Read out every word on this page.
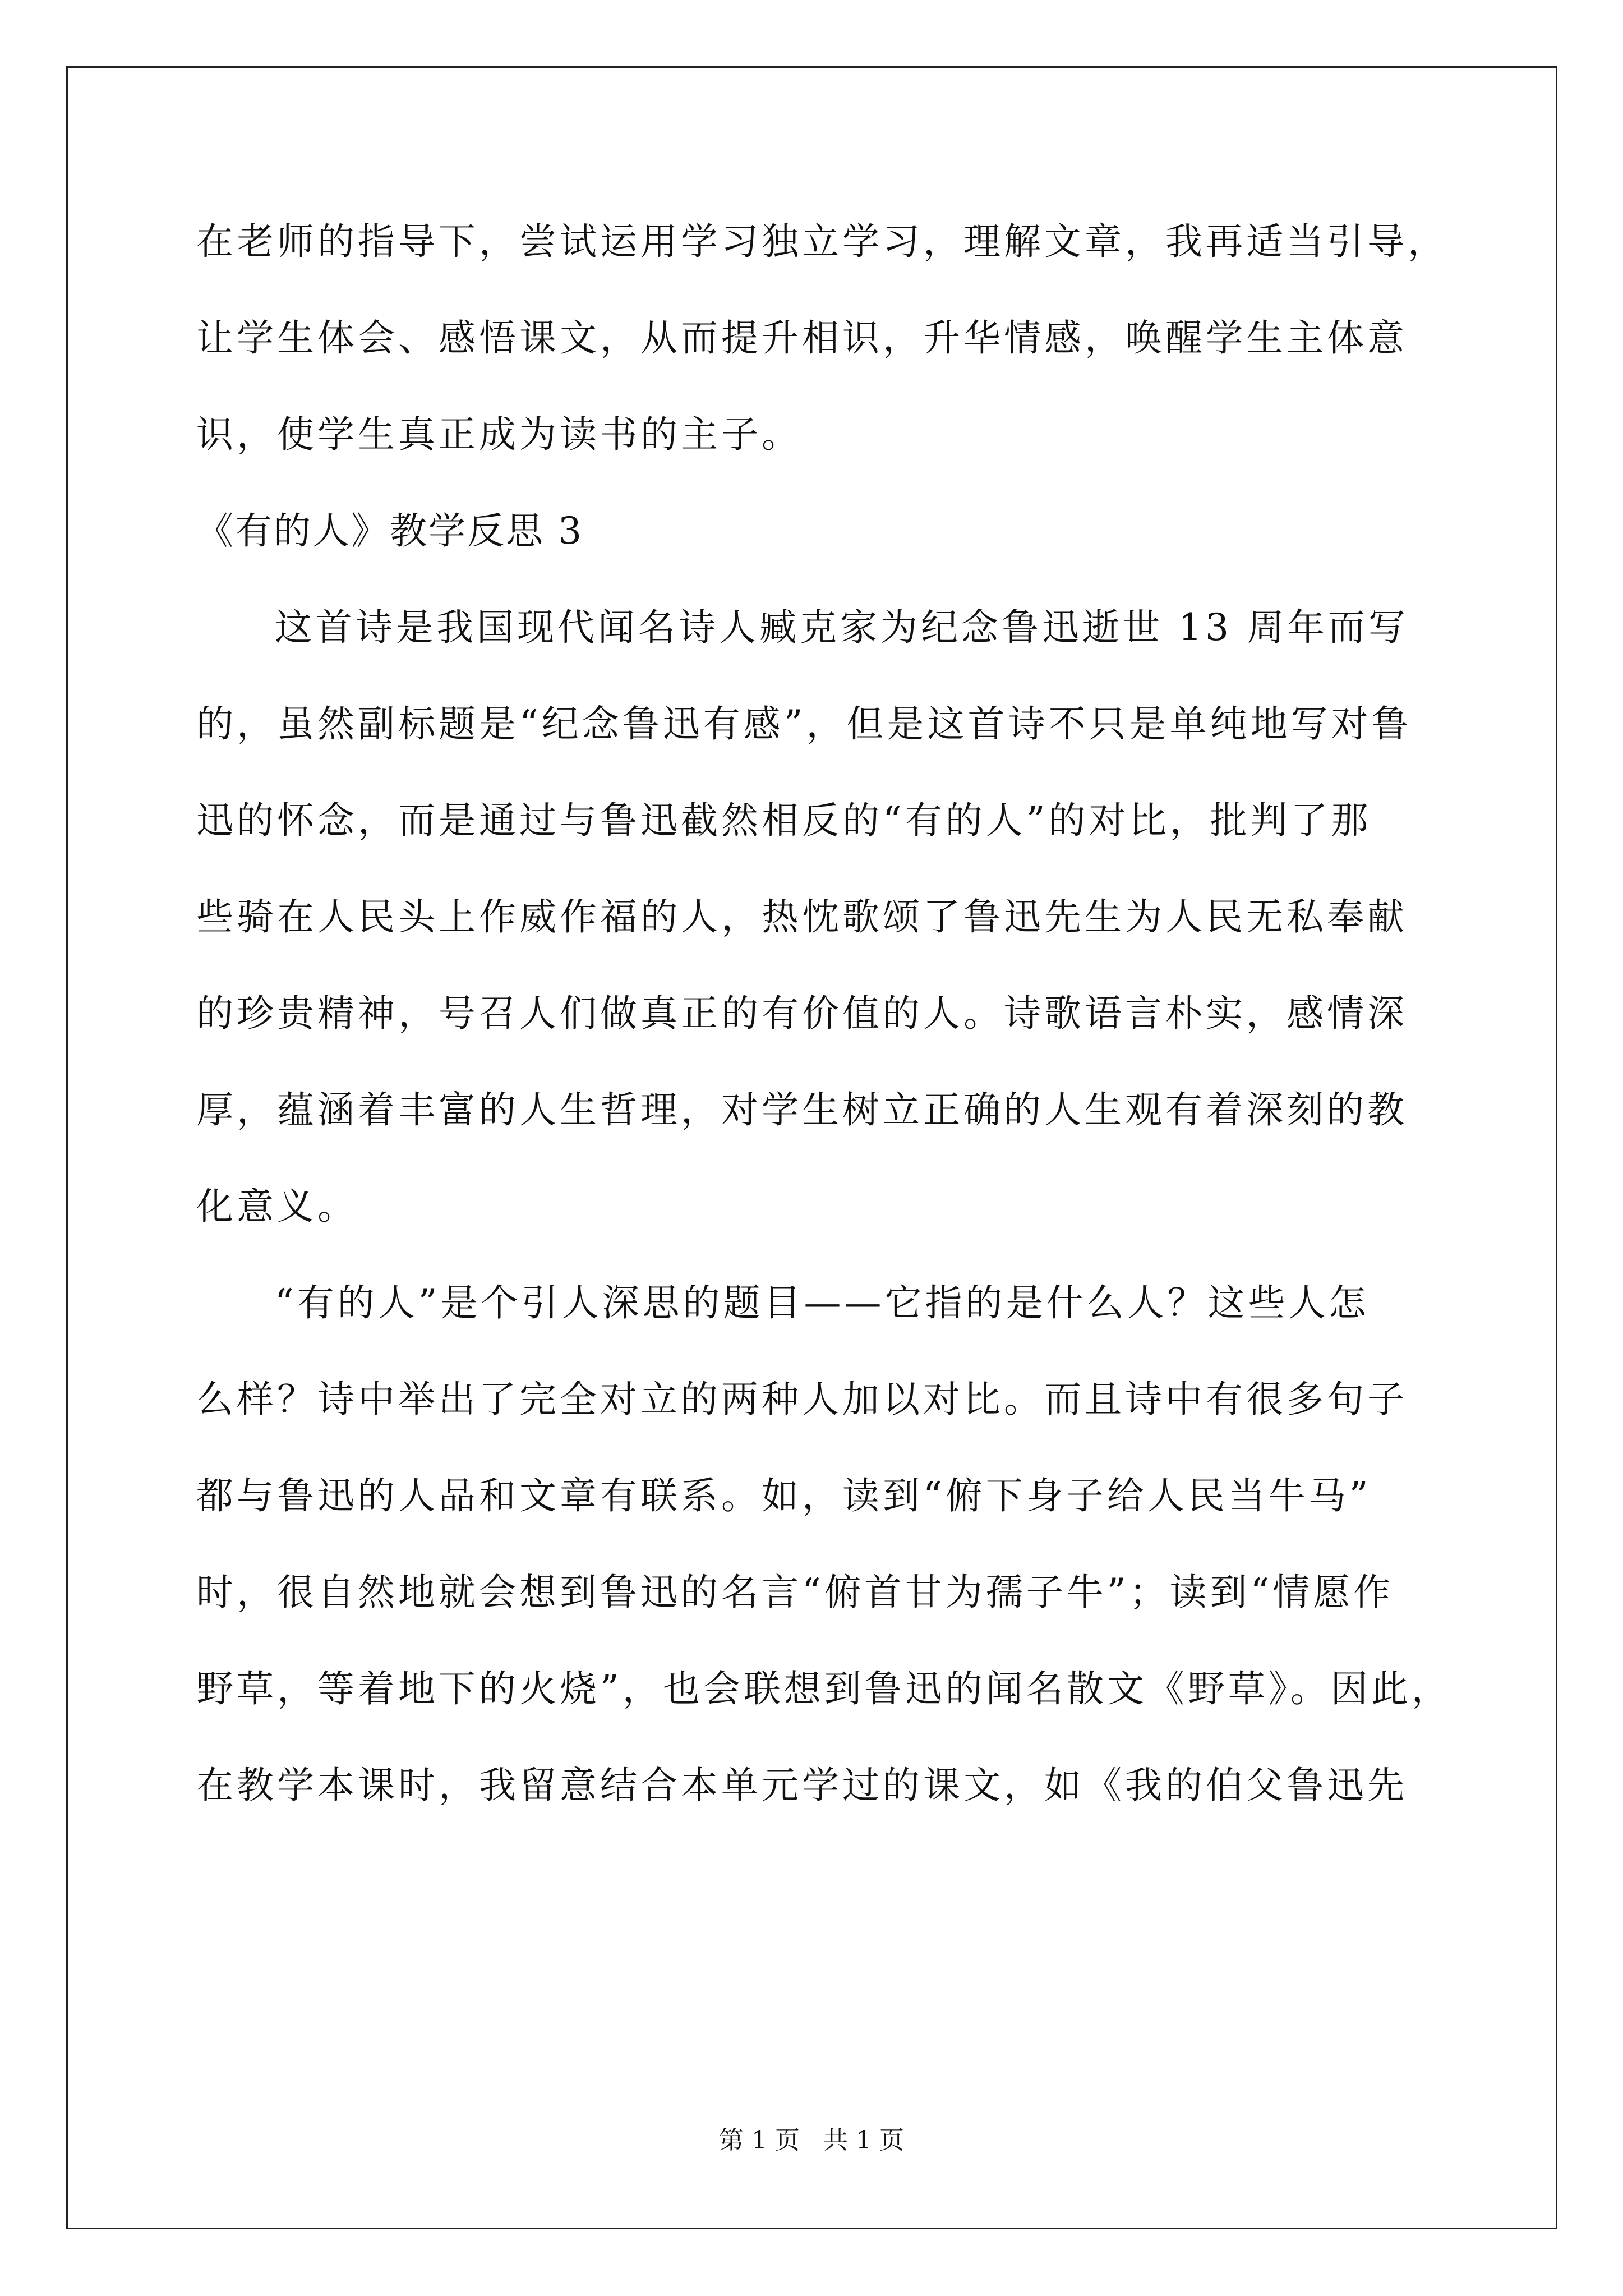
在老师的指导下，尝试运用学习独立学习，理解文章，我再适当引导，
让学生体会、感悟课文，从而提升相识，升华情感，唤醒学生主体意
识，使学生真正成为读书的主子。
《有的人》教学反思 3
这首诗是我国现代闻名诗人臧克家为纪念鲁迅逝世 13 周年而写
的，虽然副标题是“纪念鲁迅有感”，但是这首诗不只是单纯地写对鲁
迅的怀念，而是通过与鲁迅截然相反的“有的人”的对比，批判了那
些骑在人民头上作威作福的人，热忱歌颂了鲁迅先生为人民无私奉献
的珍贵精神，号召人们做真正的有价值的人。诗歌语言朴实，感情深
厚，蕴涵着丰富的人生哲理，对学生树立正确的人生观有着深刻的教
化意义。
“有的人”是个引人深思的题目——它指的是什么人？这些人怎
么样？诗中举出了完全对立的两种人加以对比。而且诗中有很多句子
都与鲁迅的人品和文章有联系。如，读到“俯下身子给人民当牛马”
时，很自然地就会想到鲁迅的名言“俯首甘为孺子牛”；读到“情愿作
野草，等着地下的火烧”，也会联想到鲁迅的闻名散文《野草》。因此，
在教学本课时，我留意结合本单元学过的课文，如《我的伯父鲁迅先
第 1 页   共 1 页
